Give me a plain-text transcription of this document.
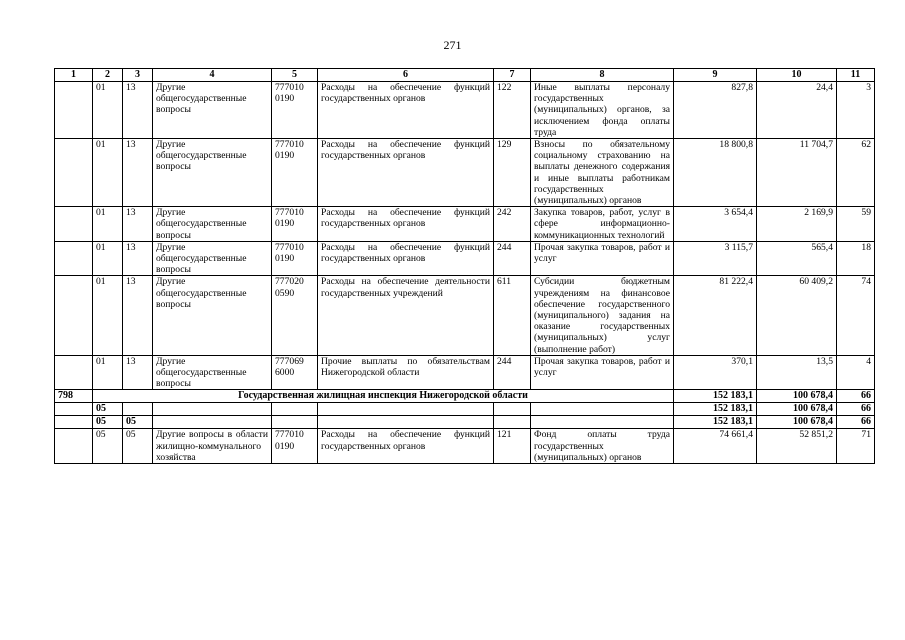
271
1	2	3	4	5	6	7	8	9	10	11
	01	13	Другие общегосударственные вопросы	777010 0190	Расходы на обеспечение функций государственных органов	122	Иные выплаты персоналу государственных (муниципальных) органов, за исключением фонда оплаты труда	827,8	24,4	3
	01	13	Другие общегосударственные вопросы	777010 0190	Расходы на обеспечение функций государственных органов	129	Взносы по обязательному социальному страхованию на выплаты денежного содержания и иные выплаты работникам государственных (муниципальных) органов	18 800,8	11 704,7	62
	01	13	Другие общегосударственные вопросы	777010 0190	Расходы на обеспечение функций государственных органов	242	Закупка товаров, работ, услуг в сфере информационно-коммуникационных технологий	3 654,4	2 169,9	59
	01	13	Другие общегосударственные вопросы	777010 0190	Расходы на обеспечение функций государственных органов	244	Прочая закупка товаров, работ и услуг	3 115,7	565,4	18
	01	13	Другие общегосударственные вопросы	777020 0590	Расходы на обеспечение деятельности государственных учреждений	611	Субсидии бюджетным учреждениям на финансовое обеспечение государственного (муниципального) задания на оказание государственных (муниципальных) услуг (выполнение работ)	81 222,4	60 409,2	74
	01	13	Другие общегосударственные вопросы	777069 6000	Прочие выплаты по обязательствам Нижегородской области	244	Прочая закупка товаров, работ и услуг	370,1	13,5	4
798	Государственная жилищная инспекция Нижегородской области							152 183,1	100 678,4	66
	05							152 183,1	100 678,4	66
	05	05						152 183,1	100 678,4	66
	05	05	Другие вопросы в области жилищно-коммунального хозяйства	777010 0190	Расходы на обеспечение функций государственных органов	121	Фонд оплаты труда государственных (муниципальных) органов	74 661,4	52 851,2	71
